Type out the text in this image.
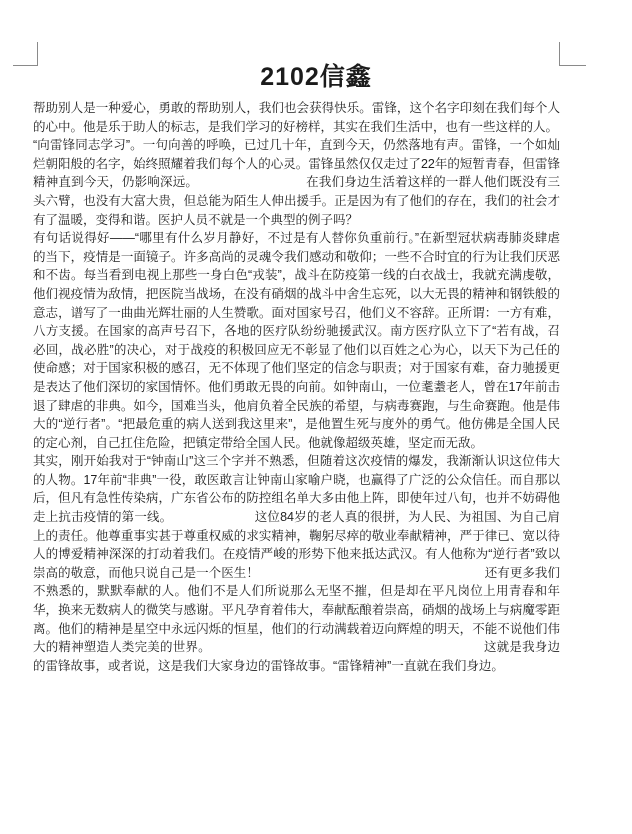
2102信鑫

帮助别人是一种爱心，勇敢的帮助别人，我们也会获得快乐。雷锋，这个名字印刻在我们每个人的心中。他是乐于助人的标志，是我们学习的好榜样，其实在我们生活中，也有一些这样的人。

“向雷锋同志学习”。一句向善的呼唤，已过几十年，直到今天，仍然落地有声。雷锋，一个如灿烂朝阳般的名字，始终照耀着我们每个人的心灵。雷锋虽然仅仅走过了22年的短暂青春，但雷锋精神直到今天，仍影响深远。　　　　　　　　　在我们身边生活着这样的一群人他们既没有三头六臂，也没有大富大贵，但总能为陌生人伸出援手。正是因为有了他们的存在，我们的社会才有了温暖，变得和谐。医护人员不就是一个典型的例子吗？

有句话说得好——“哪里有什么岁月静好，不过是有人替你负重前行。”在新型冠状病毒肺炎肆虐的当下，疫情是一面镜子。许多高尚的灵魂令我们感动和敬仰；一些不合时宜的行为让我们厌恶和不齿。每当看到电视上那些一身白色“戎装”，战斗在防疫第一线的白衣战士，我就充满虔敬，他们视疫情为敌情，把医院当战场，在没有硝烟的战斗中舍生忘死，以大无畏的精神和钢铁般的意志，谱写了一曲曲光辉壮丽的人生赞歌。面对国家号召，他们义不容辞。正所谓：一方有难，八方支援。在国家的高声号召下，各地的医疗队纷纷驰援武汉。南方医疗队立下了“若有战，召必回，战必胜”的决心，对于战疫的积极回应无不彰显了他们以百姓之心为心，以天下为己任的使命感；对于国家积极的感召，无不体现了他们坚定的信念与职责；对于国家有难，奋力驰援更是表达了他们深切的家国情怀。他们勇敢无畏的向前。如钟南山，一位耄耋老人，曾在17年前击退了肆虐的非典。如今，国难当头，他肩负着全民族的希望，与病毒赛跑，与生命赛跑。他是伟大的“逆行者”。“把最危重的病人送到我这里来”，是他置生死与度外的勇气。他仿佛是全国人民的定心剂，自己扛住危险，把镇定带给全国人民。他就像超级英雄，坚定而无敌。

其实，刚开始我对于“钟南山”这三个字并不熟悉，但随着这次疫情的爆发，我渐渐认识这位伟大的人物。17年前“非典”一役，敢医敢言让钟南山家喻户晓，也赢得了广泛的公众信任。而自那以后，但凡有急性传染病，广东省公布的防控组名单大多由他上阵，即使年过八旬，也并不妨碍他走上抗击疫情的第一线。　　　　　　　这位84岁的老人真的很拼，为人民、为祖国、为自己肩上的责任。他尊重事实甚于尊重权威的求实精神，鞠躬尽瘁的敬业奉献精神，严于律已、宽以待人的博爱精神深深的打动着我们。在疫情严峻的形势下他来抵达武汉。有人他称为“逆行者”致以崇高的敬意，而他只说自己是一个医生！　　　　　　　　　　　　　　　　　　还有更多我们不熟悉的，默默奉献的人。他们不是人们所说那么无坚不摧，但是却在平凡岗位上用青春和年华，换来无数病人的微笑与感谢。平凡孕育着伟大，奉献酝酿着崇高，硝烟的战场上与病魔零距离。他们的精神是星空中永远闪烁的恒星，他们的行动满载着迈向辉煌的明天，不能不说他们伟大的精神塑造人类完美的世界。　　　　　　　　　　　　　　　　　　　　　　这就是我身边的雷锋故事，或者说，这是我们大家身边的雷锋故事。“雷锋精神”一直就在我们身边。
